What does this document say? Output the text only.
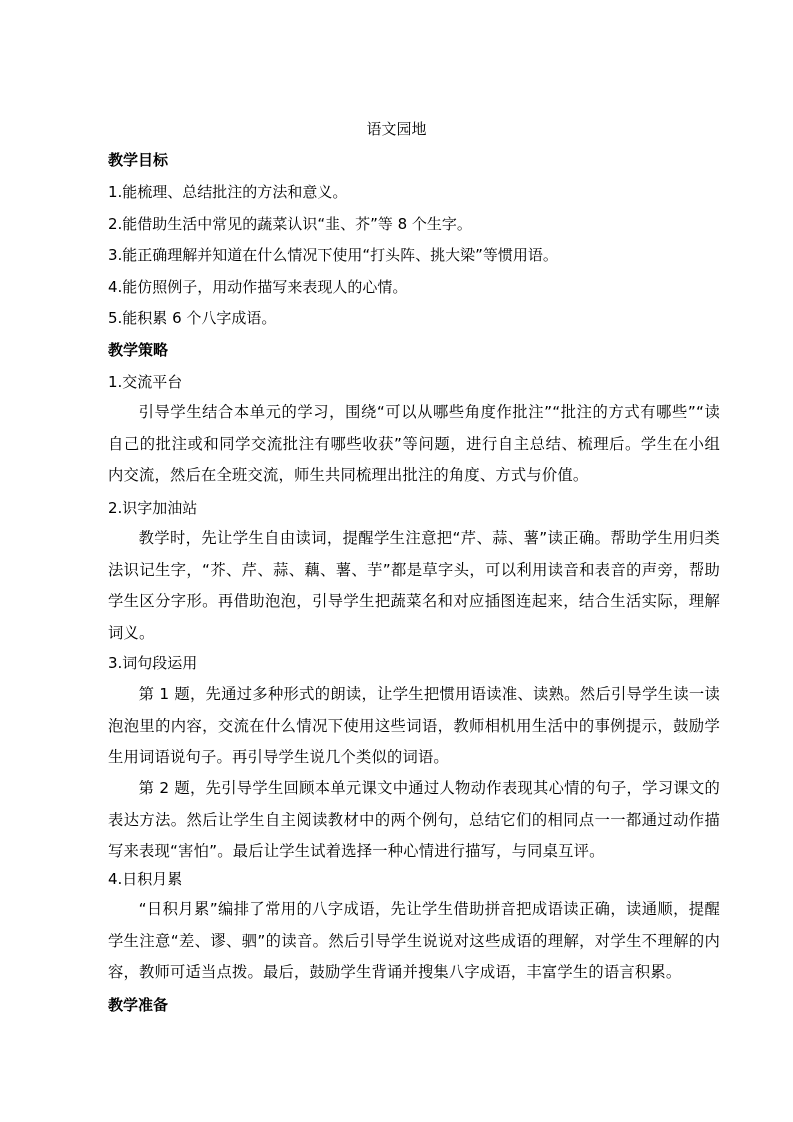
语文园地
教学目标
1.能梳理、总结批注的方法和意义。
2.能借助生活中常见的蔬菜认识“韭、芥”等 8 个生字。
3.能正确理解并知道在什么情况下使用“打头阵、挑大梁”等惯用语。
4.能仿照例子，用动作描写来表现人的心情。
5.能积累 6 个八字成语。
教学策略
1.交流平台
引导学生结合本单元的学习，围绕“可以从哪些角度作批注”“批注的方式有哪些”“读自己的批注或和同学交流批注有哪些收获”等问题，进行自主总结、梳理后。学生在小组内交流，然后在全班交流，师生共同梳理出批注的角度、方式与价值。
2.识字加油站
教学时，先让学生自由读词，提醒学生注意把“芹、蒜、薯”读正确。帮助学生用归类法识记生字，“芥、芹、蒜、藕、薯、芋”都是草字头，可以利用读音和表音的声旁，帮助学生区分字形。再借助泡泡，引导学生把蔬菜名和对应插图连起来，结合生活实际，理解词义。
3.词句段运用
第 1 题，先通过多种形式的朗读，让学生把惯用语读准、读熟。然后引导学生读一读泡泡里的内容，交流在什么情况下使用这些词语，教师相机用生活中的事例提示，鼓励学生用词语说句子。再引导学生说几个类似的词语。
第 2 题，先引导学生回顾本单元课文中通过人物动作表现其心情的句子，学习课文的表达方法。然后让学生自主阅读教材中的两个例句，总结它们的相同点一一都通过动作描写来表现“害怕”。最后让学生试着选择一种心情进行描写，与同桌互评。
4.日积月累
“日积月累”编排了常用的八字成语，先让学生借助拼音把成语读正确，读通顺，提醒学生注意“差、谬、驷”的读音。然后引导学生说说对这些成语的理解，对学生不理解的内容，教师可适当点拨。最后，鼓励学生背诵并搜集八字成语，丰富学生的语言积累。
教学准备
